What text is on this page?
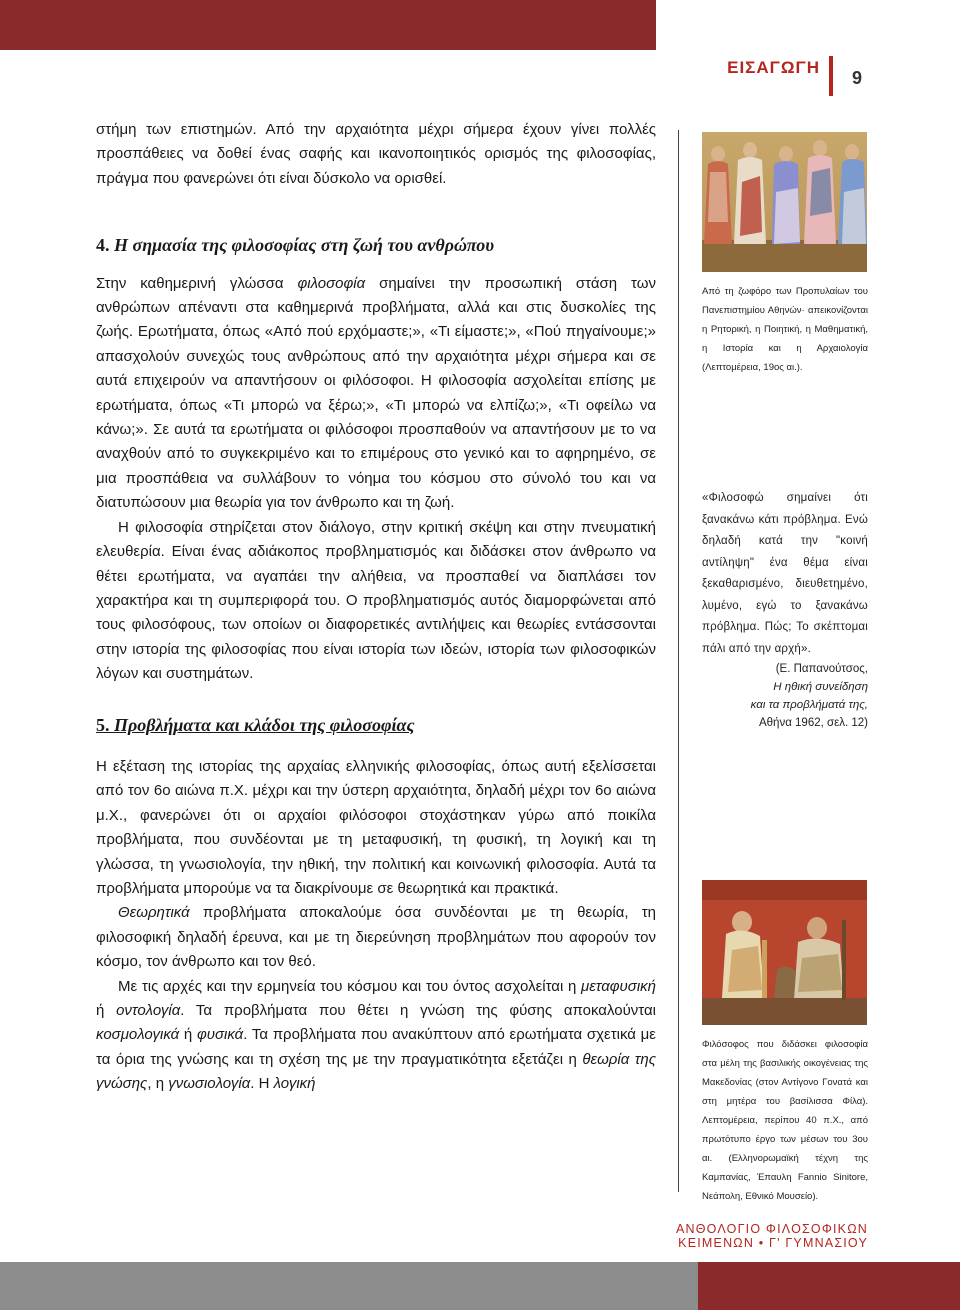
ΕΙΣΑΓΩΓΗ
9

στήμη των επιστημών. Από την αρχαιότητα μέχρι σήμερα έχουν γίνει πολλές προσπάθειες να δοθεί ένας σαφής και ικανοποιητικός ορισμός της φιλοσοφίας, πράγμα που φανερώνει ότι είναι δύσκολο να ορισθεί.

4. Η σημασία της φιλοσοφίας στη ζωή του ανθρώπου

Στην καθημερινή γλώσσα φιλοσοφία σημαίνει την προσωπική στάση των ανθρώπων απέναντι στα καθημερινά προβλήματα, αλλά και στις δυσκολίες της ζωής. Ερωτήματα, όπως «Από πού ερχόμαστε;», «Τι είμαστε;», «Πού πηγαίνουμε;» απασχολούν συνεχώς τους ανθρώπους από την αρχαιότητα μέχρι σήμερα και σε αυτά επιχειρούν να απαντήσουν οι φιλόσοφοι. Η φιλοσοφία ασχολείται επίσης με ερωτήματα, όπως «Τι μπορώ να ξέρω;», «Τι μπορώ να ελπίζω;», «Τι οφείλω να κάνω;». Σε αυτά τα ερωτήματα οι φιλόσοφοι προσπαθούν να απαντήσουν με το να αναχθούν από το συγκεκριμένο και το επιμέρους στο γενικό και το αφηρημένο, σε μια προσπάθεια να συλλάβουν το νόημα του κόσμου στο σύνολό του και να διατυπώσουν μια θεωρία για τον άνθρωπο και τη ζωή.

Η φιλοσοφία στηρίζεται στον διάλογο, στην κριτική σκέψη και στην πνευματική ελευθερία. Είναι ένας αδιάκοπος προβληματισμός και διδάσκει στον άνθρωπο να θέτει ερωτήματα, να αγαπάει την αλήθεια, να προσπαθεί να διαπλάσει τον χαρακτήρα και τη συμπεριφορά του. Ο προβληματισμός αυτός διαμορφώνεται από τους φιλοσόφους, των οποίων οι διαφορετικές αντιλήψεις και θεωρίες εντάσσονται στην ιστορία της φιλοσοφίας που είναι ιστορία των ιδεών, ιστορία των φιλοσοφικών λόγων και συστημάτων.

5. Προβλήματα και κλάδοι της φιλοσοφίας

Η εξέταση της ιστορίας της αρχαίας ελληνικής φιλοσοφίας, όπως αυτή εξελίσσεται από τον 6ο αιώνα π.Χ. μέχρι και την ύστερη αρχαιότητα, δηλαδή μέχρι τον 6ο αιώνα μ.Χ., φανερώνει ότι οι αρχαίοι φιλόσοφοι στοχάστηκαν γύρω από ποικίλα προβλήματα, που συνδέονται με τη μεταφυσική, τη φυσική, τη λογική και τη γλώσσα, τη γνωσιολογία, την ηθική, την πολιτική και κοινωνική φιλοσοφία. Αυτά τα προβλήματα μπορούμε να τα διακρίνουμε σε θεωρητικά και πρακτικά.

Θεωρητικά προβλήματα αποκαλούμε όσα συνδέονται με τη θεωρία, τη φιλοσοφική δηλαδή έρευνα, και με τη διερεύνηση προβλημάτων που αφορούν τον κόσμο, τον άνθρωπο και τον θεό.

Με τις αρχές και την ερμηνεία του κόσμου και του όντος ασχολείται η μεταφυσική ή οντολογία. Τα προβλήματα που θέτει η γνώση της φύσης αποκαλούνται κοσμολογικά ή φυσικά. Τα προβλήματα που ανακύπτουν από ερωτήματα σχετικά με τα όρια της γνώσης και τη σχέση της με την πραγματικότητα εξετάζει η θεωρία της γνώσης, η γνωσιολογία. Η λογική

Από τη ζωφόρο των Προπυλαίων του Πανεπιστημίου Αθηνών· απεικονίζονται η Ρητορική, η Ποιητική, η Μαθηματική, η Ιστορία και η Αρχαιολογία (Λεπτομέρεια, 19ος αι.).
«Φιλοσοφώ σημαίνει ότι ξανακάνω κάτι πρόβλημα. Ενώ δηλαδή κατά την "κοινή αντίληψη" ένα θέμα είναι ξεκαθαρισμένο, διευθετημένο, λυμένο, εγώ το ξανακάνω πρόβλημα. Πώς; Το σκέπτομαι πάλι από την αρχή».
(Ε. Παπανούτσος,
Η ηθική συνείδηση
και τα προβλήματά της,
Αθήνα 1962, σελ. 12)
Φιλόσοφος που διδάσκει φιλοσοφία στα μέλη της βασιλικής οικογένειας της Μακεδονίας (στον Αντίγονο Γονατά και στη μητέρα του βασίλισσα Φίλα). Λεπτομέρεια, περίπου 40 π.Χ., από πρωτότυπο έργο των μέσων του 3ου αι. (Ελληνορωμαϊκή τέχνη της Καμπανίας, Έπαυλη Fannio Sinitore, Νεάπολη, Εθνικό Μουσείο).
ΑΝΘΟΛΟΓΙΟ ΦΙΛΟΣΟΦΙΚΩΝ ΚΕΙΜΕΝΩΝ • Γ' ΓΥΜΝΑΣΙΟΥ
